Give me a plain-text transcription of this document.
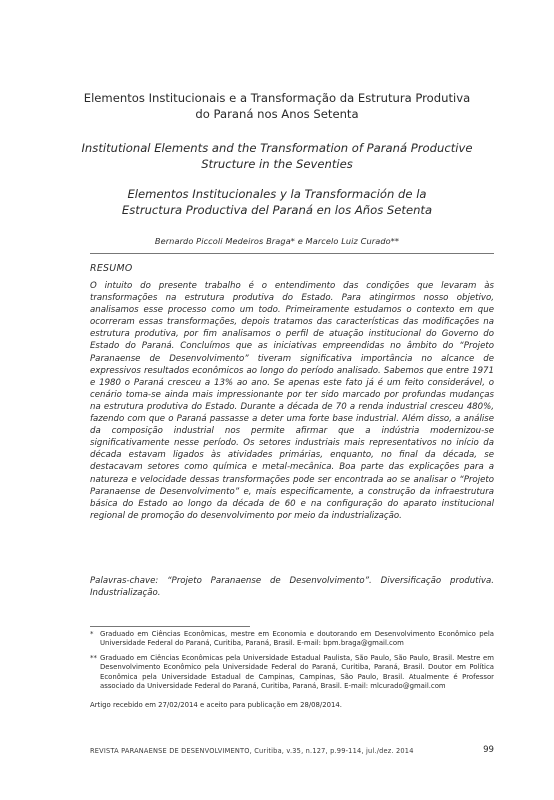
Elementos Institucionais e a Transformação da Estrutura Produtiva
do Paraná nos Anos Setenta
Institutional Elements and the Transformation of Paraná Productive
Structure in the Seventies
Elementos Institucionales y la Transformación de la
Estructura Productiva del Paraná en los Años Setenta
Bernardo Piccoli Medeiros Braga* e Marcelo Luiz Curado**
RESUMO

O intuito do presente trabalho é o entendimento das condições que levaram às transformações na estrutura produtiva do Estado. Para atingirmos nosso objetivo, analisamos esse processo como um todo. Primeiramente estudamos o contexto em que ocorreram essas transformações, depois tratamos das características das modificações na estrutura produtiva, por fim analisamos o perfil de atuação institucional do Governo do Estado do Paraná. Concluímos que as iniciativas empreendidas no âmbito do “Projeto Paranaense de Desenvolvimento” tiveram significativa importância no alcance de expressivos resultados econômicos ao longo do período analisado. Sabemos que entre 1971 e 1980 o Paraná cresceu a 13% ao ano. Se apenas este fato já é um feito considerável, o cenário toma-se ainda mais impressionante por ter sido marcado por profundas mudanças na estrutura produtiva do Estado. Durante a década de 70 a renda industrial cresceu 480%, fazendo com que o Paraná passasse a deter uma forte base industrial. Além disso, a análise da composição industrial nos permite afirmar que a indústria modernizou-se significativamente nesse período. Os setores industriais mais representativos no início da década estavam ligados às atividades primárias, enquanto, no final da década, se destacavam setores como química e metal-mecânica. Boa parte das explicações para a natureza e velocidade dessas transformações pode ser encontrada ao se analisar o “Projeto Paranaense de Desenvolvimento” e, mais especificamente, a construção da infraestrutura básica do Estado ao longo da década de 60 e na configuração do aparato institucional regional de promoção do desenvolvimento por meio da industrialização.

Palavras-chave: “Projeto Paranaense de Desenvolvimento”. Diversificação produtiva. Industrialização.

* Graduado em Ciências Econômicas, mestre em Economia e doutorando em Desenvolvimento Econômico pela Universidade Federal do Paraná, Curitiba, Paraná, Brasil. E-mail: bpm.braga@gmail.com
** Graduado em Ciências Econômicas pela Universidade Estadual Paulista, São Paulo, São Paulo, Brasil. Mestre em Desenvolvimento Econômico pela Universidade Federal do Paraná, Curitiba, Paraná, Brasil. Doutor em Política Econômica pela Universidade Estadual de Campinas, Campinas, São Paulo, Brasil. Atualmente é Professor associado da Universidade Federal do Paraná, Curitiba, Paraná, Brasil. E-mail: mlcurado@gmail.com
Artigo recebido em 27/02/2014 e aceito para publicação em 28/08/2014.
REVISTA PARANAENSE DE DESENVOLVIMENTO, Curitiba, v.35, n.127, p.99-114, jul./dez. 2014	99
